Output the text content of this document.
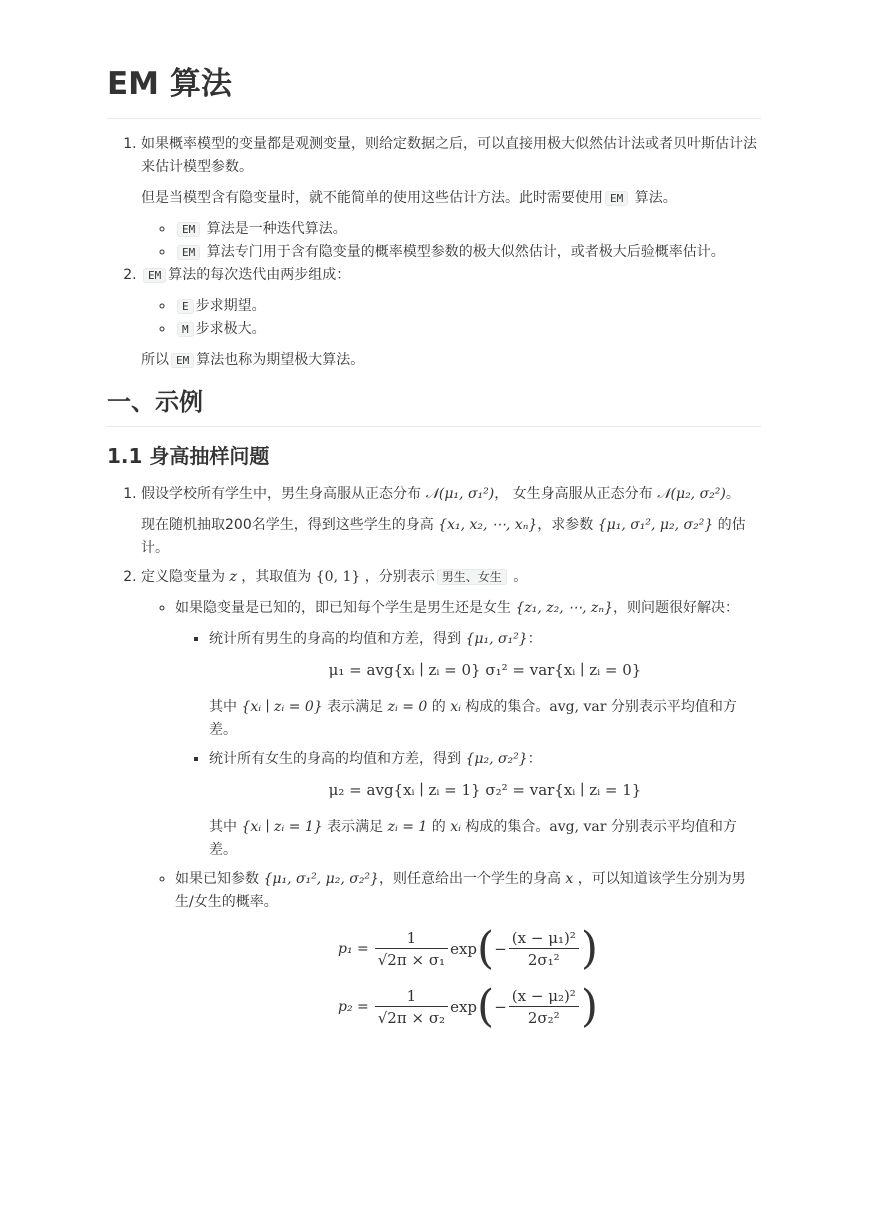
EM 算法
1. 如果概率模型的变量都是观测变量，则给定数据之后，可以直接用极大似然估计法或者贝叶斯估计法来估计模型参数。

但是当模型含有隐变量时，就不能简单的使用这些估计方法。此时需要使用 EM 算法。

◦ EM 算法是一种迭代算法。
◦ EM 算法专门用于含有隐变量的概率模型参数的极大似然估计，或者极大后验概率估计。
2. EM 算法的每次迭代由两步组成：
◦ E 步求期望。
◦ M 步求极大。

所以 EM 算法也称为期望极大算法。

一、示例
1.1 身高抽样问题
1. 假设学校所有学生中，男生身高服从正态分布 𝒩(μ₁, σ₁²)， 女生身高服从正态分布 𝒩(μ₂, σ₂²)。

现在随机抽取200名学生，得到这些学生的身高 {x₁, x₂, ⋯, xₙ}，求参数 {μ₁, σ₁², μ₂, σ₂²} 的估计。

2. 定义隐变量为 z ，其取值为 {0, 1} ，分别表示 男生、女生 。
◦ 如果隐变量是已知的，即已知每个学生是男生还是女生 {z₁, z₂, ⋯, zₙ}，则问题很好解决：
▪ 统计所有男生的身高的均值和方差，得到 {μ₁, σ₁²}：
μ₁ = avg{xᵢ ∣ zᵢ = 0} σ₁² = var{xᵢ ∣ zᵢ = 0}

其中 {xᵢ ∣ zᵢ = 0} 表示满足 zᵢ = 0 的 xᵢ 构成的集合。avg, var 分别表示平均值和方差。

▪ 统计所有女生的身高的均值和方差，得到 {μ₂, σ₂²}：
μ₂ = avg{xᵢ ∣ zᵢ = 1} σ₂² = var{xᵢ ∣ zᵢ = 1}

其中 {xᵢ ∣ zᵢ = 1} 表示满足 zᵢ = 1 的 xᵢ 构成的集合。avg, var 分别表示平均值和方差。

◦ 如果已知参数 {μ₁, σ₁², μ₂, σ₂²}，则任意给出一个学生的身高 x ，可以知道该学生分别为男生/女生的概率。
$p_1 = \frac{1}{\text{√2π × σ₁}}$ exp ( − $\frac{\text{(x − μ₁)²}}{\text{2σ₁²}}$ )
$p_2 = \frac{1}{\text{√2π × σ₂}}$ exp ( − $\frac{\text{(x − μ₂)²}}{\text{2σ₂²}}$ )
